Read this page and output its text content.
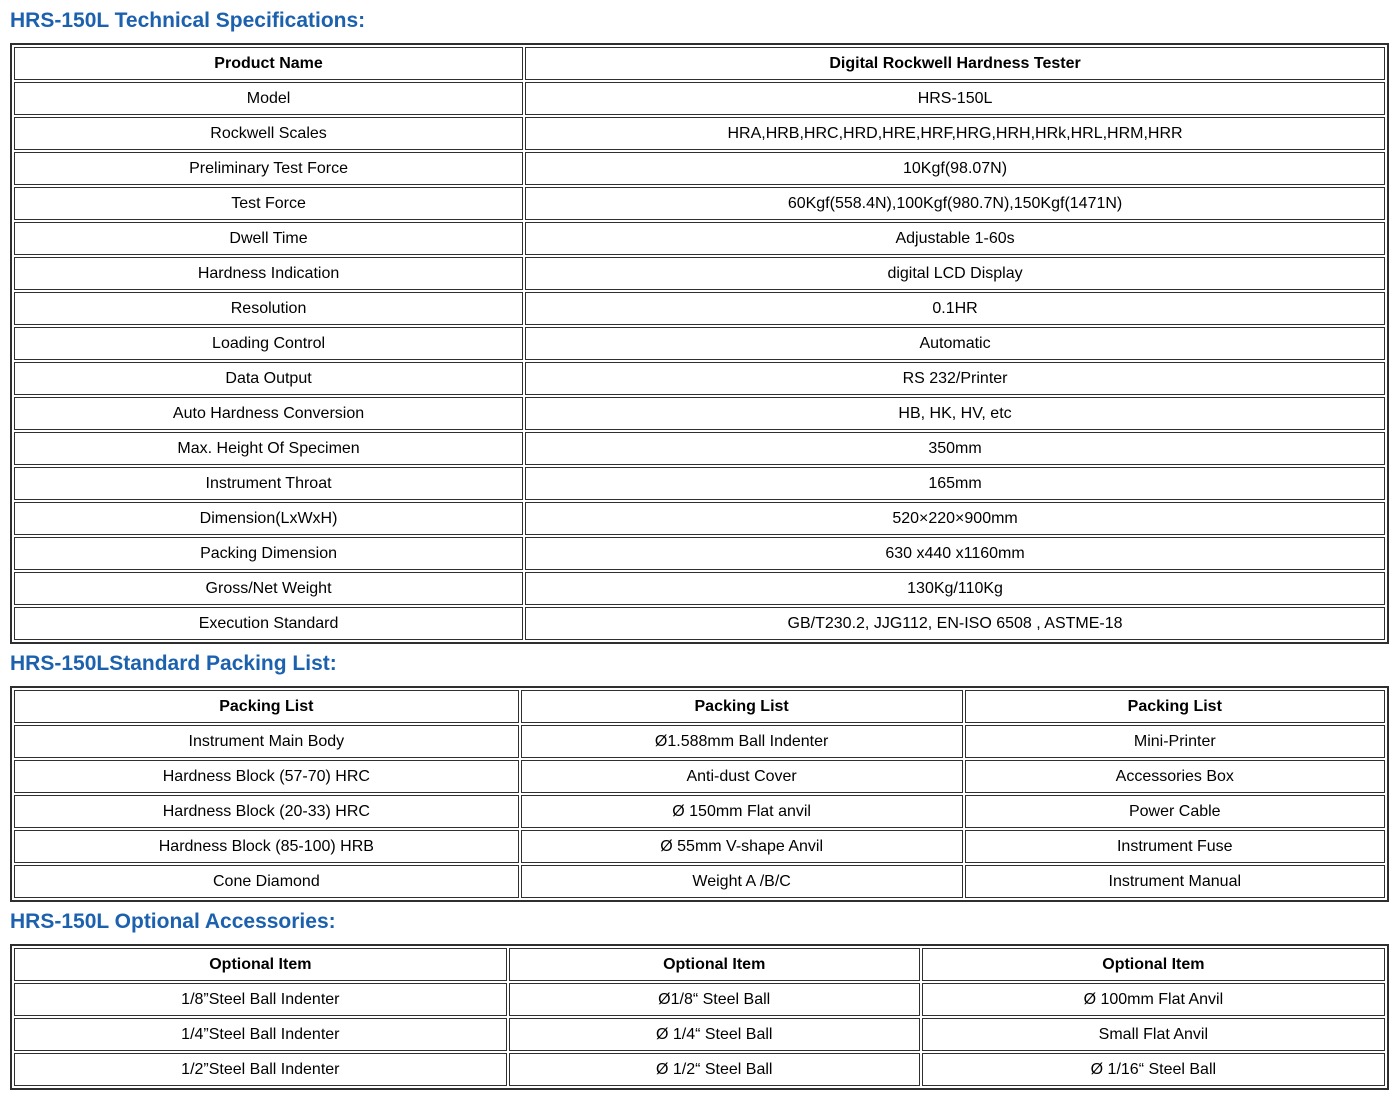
HRS-150L Technical Specifications:
Product Name	Digital Rockwell Hardness Tester
Model	HRS-150L
Rockwell Scales	HRA,HRB,HRC,HRD,HRE,HRF,HRG,HRH,HRk,HRL,HRM,HRR
Preliminary Test Force	10Kgf(98.07N)
Test Force	60Kgf(558.4N),100Kgf(980.7N),150Kgf(1471N)
Dwell Time	Adjustable 1-60s
Hardness Indication	digital LCD Display
Resolution	0.1HR
Loading Control	Automatic
Data Output	RS 232/Printer
Auto Hardness Conversion	HB, HK, HV, etc
Max. Height Of Specimen	350mm
Instrument Throat	165mm
Dimension(LxWxH)	520×220×900mm
Packing Dimension	630 x440 x1160mm
Gross/Net Weight	130Kg/110Kg
Execution Standard	GB/T230.2, JJG112, EN-ISO 6508 , ASTME-18
HRS-150LStandard Packing List:
Packing List	Packing List	Packing List
Instrument Main Body	Ø1.588mm Ball Indenter	Mini-Printer
Hardness Block (57-70) HRC	Anti-dust Cover	Accessories Box
Hardness Block (20-33) HRC	Ø 150mm Flat anvil	Power Cable
Hardness Block (85-100) HRB	Ø 55mm V-shape Anvil	Instrument Fuse
Cone Diamond	Weight A /B/C	Instrument Manual
HRS-150L Optional Accessories:
Optional Item	Optional Item	Optional Item
1/8”Steel Ball Indenter	Ø1/8“ Steel Ball	Ø 100mm Flat Anvil
1/4”Steel Ball Indenter	Ø 1/4“ Steel Ball	Small Flat Anvil
1/2”Steel Ball Indenter	Ø 1/2“ Steel Ball	Ø 1/16“ Steel Ball
